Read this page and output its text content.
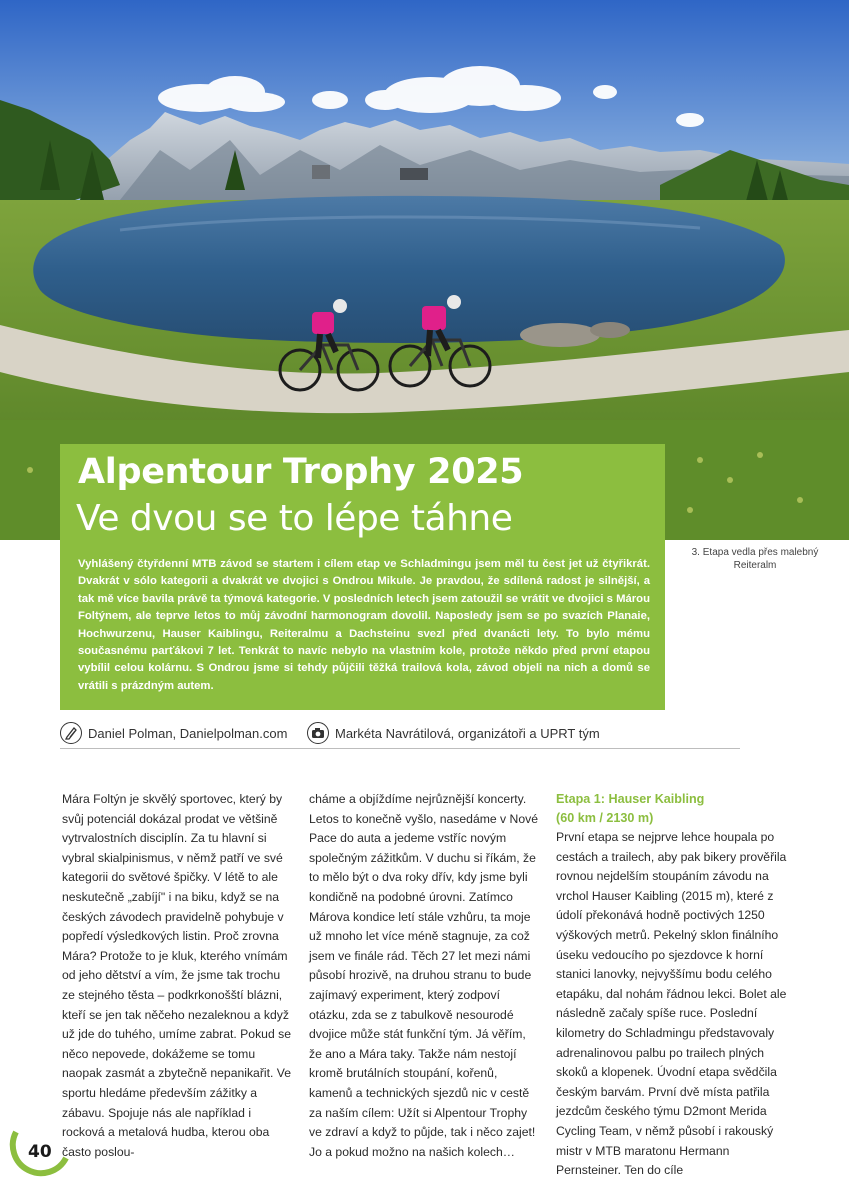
Alpentour Trophy 2025
Ve dvou se to lépe táhne
Vyhlášený čtyřdenní MTB závod se startem i cílem etap ve Schladmingu jsem měl tu čest jet už čtyřikrát. Dvakrát v sólo kategorii a dvakrát ve dvojici s Ondrou Mikule. Je pravdou, že sdílená radost je silnější, a tak mě více bavila právě ta týmová kategorie. V posledních letech jsem zatoužil se vrátit ve dvojici s Márou Foltýnem, ale teprve letos to můj závodní harmonogram dovolil. Naposledy jsem se po svazích Planaie, Hochwurzenu, Hauser Kaiblingu, Reiteralmu a Dachsteinu svezl před dvanácti lety. To bylo mému současnému parťákovi 7 let. Tenkrát to navíc nebylo na vlastním kole, protože někdo před první etapou vybílil celou kolárnu. S Ondrou jsme si tehdy půjčili těžká trailová kola, závod objeli na nich a domů se vrátili s prázdným autem.
3. Etapa vedla přes malebný Reiteralm
Daniel Polman, Danielpolman.com	Markéta Navrátilová, organizátoři a UPRT tým

Mára Foltýn je skvělý sportovec, který by svůj potenciál dokázal prodat ve většině vytrvalostních disciplín. Za tu hlavní si vybral skialpinismus, v němž patří ve své kategorii do světové špičky. V létě to ale neskutečně „zabíjí" i na biku, když se na českých závodech pravidelně pohybuje v popředí výsledkových listin. Proč zrovna Mára? Protože to je kluk, kterého vnímám od jeho dětství a vím, že jsme tak trochu ze stejného těsta – podkrkonošští blázni, kteří se jen tak něčeho nezaleknou a když už jde do tuhého, umíme zabrat. Pokud se něco nepovede, dokážeme se tomu naopak zasmát a zbytečně nepanikařit. Ve sportu hledáme především zážitky a zábavu. Spojuje nás ale například i rocková a metalová hudba, kterou oba často poslou-

cháme a objíždíme nejrůznější koncerty. Letos to konečně vyšlo, nasedáme v Nové Pace do auta a jedeme vstříc novým společným zážitkům. V duchu si říkám, že to mělo být o dva roky dřív, kdy jsme byli kondičně na podobné úrovni. Zatímco Márova kondice letí stále vzhůru, ta moje už mnoho let více méně stagnuje, za což jsem ve finále rád. Těch 27 let mezi námi působí hrozivě, na druhou stranu to bude zajímavý experiment, který zodpoví otázku, zda se z tabulkově nesourodé dvojice může stát funkční tým. Já věřím, že ano a Mára taky. Takže nám nestojí kromě brutálních stoupání, kořenů, kamenů a technických sjezdů nic v cestě za naším cílem: Užít si Alpentour Trophy ve zdraví a když to půjde, tak i něco zajet! Jo a pokud možno na našich kolech…

Etapa 1: Hauser Kaibling
(60 km / 2130 m)

První etapa se nejprve lehce houpala po cestách a trailech, aby pak bikery prověřila rovnou nejdelším stoupáním závodu na vrchol Hauser Kaibling (2015 m), které z údolí překonává hodně poctivých 1250 výškových metrů. Pekelný sklon finálního úseku vedoucího po sjezdovce k horní stanici lanovky, nejvyššímu bodu celého etapáku, dal nohám řádnou lekci. Bolet ale následně začaly spíše ruce. Poslední kilometry do Schladmingu představovaly adrenalinovou palbu po trailech plných skoků a klopenek. Úvodní etapa svědčila českým barvám. První dvě místa patřila jezdcům českého týmu D2mont Merida Cycling Team, v němž působí i rakouský mistr v MTB maratonu Hermann Pernsteiner. Ten do cíle

40
